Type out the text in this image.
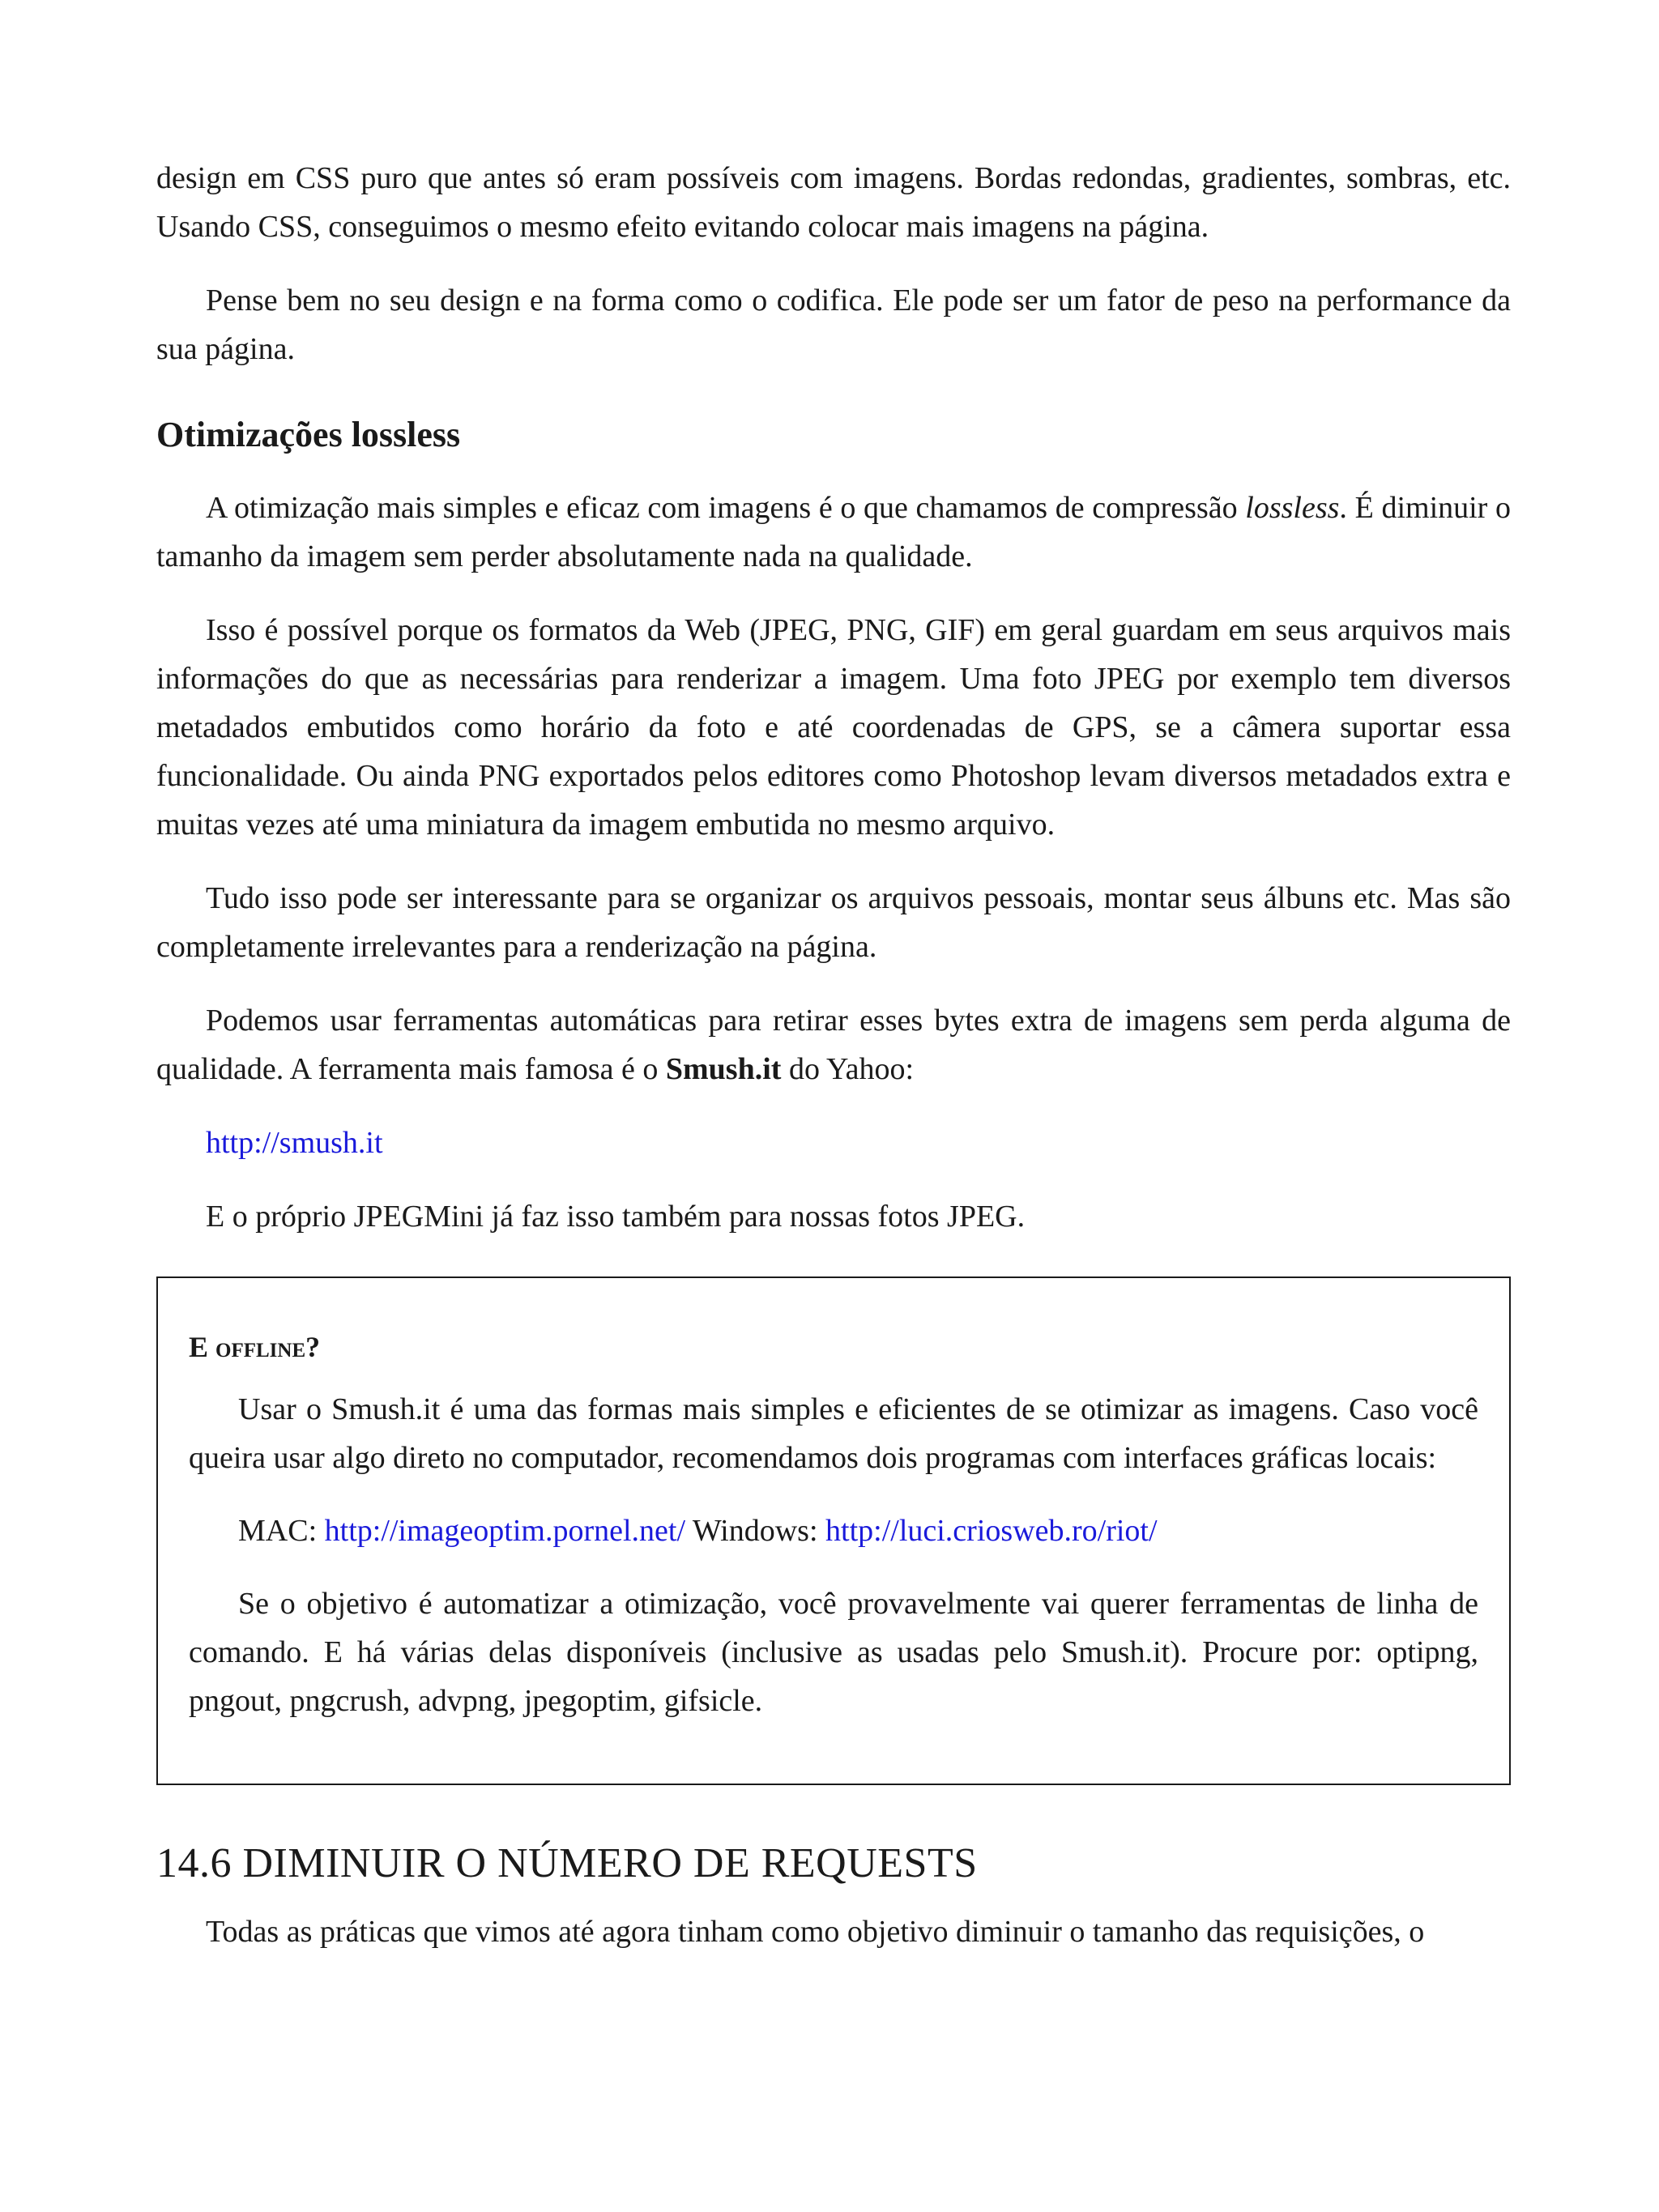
design em CSS puro que antes só eram possíveis com imagens. Bordas redondas, gradientes, sombras, etc. Usando CSS, conseguimos o mesmo efeito evitando colocar mais imagens na página.

Pense bem no seu design e na forma como o codifica. Ele pode ser um fator de peso na performance da sua página.

Otimizações lossless

A otimização mais simples e eficaz com imagens é o que chamamos de compressão lossless. É diminuir o tamanho da imagem sem perder absolutamente nada na qualidade.

Isso é possível porque os formatos da Web (JPEG, PNG, GIF) em geral guardam em seus arquivos mais informações do que as necessárias para renderizar a imagem. Uma foto JPEG por exemplo tem diversos metadados embutidos como horário da foto e até coordenadas de GPS, se a câmera suportar essa funcionalidade. Ou ainda PNG exportados pelos editores como Photoshop levam diversos metadados extra e muitas vezes até uma miniatura da imagem embutida no mesmo arquivo.

Tudo isso pode ser interessante para se organizar os arquivos pessoais, montar seus álbuns etc. Mas são completamente irrelevantes para a renderização na página.

Podemos usar ferramentas automáticas para retirar esses bytes extra de imagens sem perda alguma de qualidade. A ferramenta mais famosa é o Smush.it do Yahoo:

http://smush.it

E o próprio JPEGMini já faz isso também para nossas fotos JPEG.

E offline?

Usar o Smush.it é uma das formas mais simples e eficientes de se otimizar as imagens. Caso você queira usar algo direto no computador, recomendamos dois programas com interfaces gráficas locais:

MAC: http://imageoptim.pornel.net/ Windows: http://luci.criosweb.ro/riot/

Se o objetivo é automatizar a otimização, você provavelmente vai querer ferramentas de linha de comando. E há várias delas disponíveis (inclusive as usadas pelo Smush.it). Procure por: optipng, pngout, pngcrush, advpng, jpegoptim, gifsicle.

14.6 DIMINUIR O NÚMERO DE REQUESTS

Todas as práticas que vimos até agora tinham como objetivo diminuir o tamanho das requisições, o
